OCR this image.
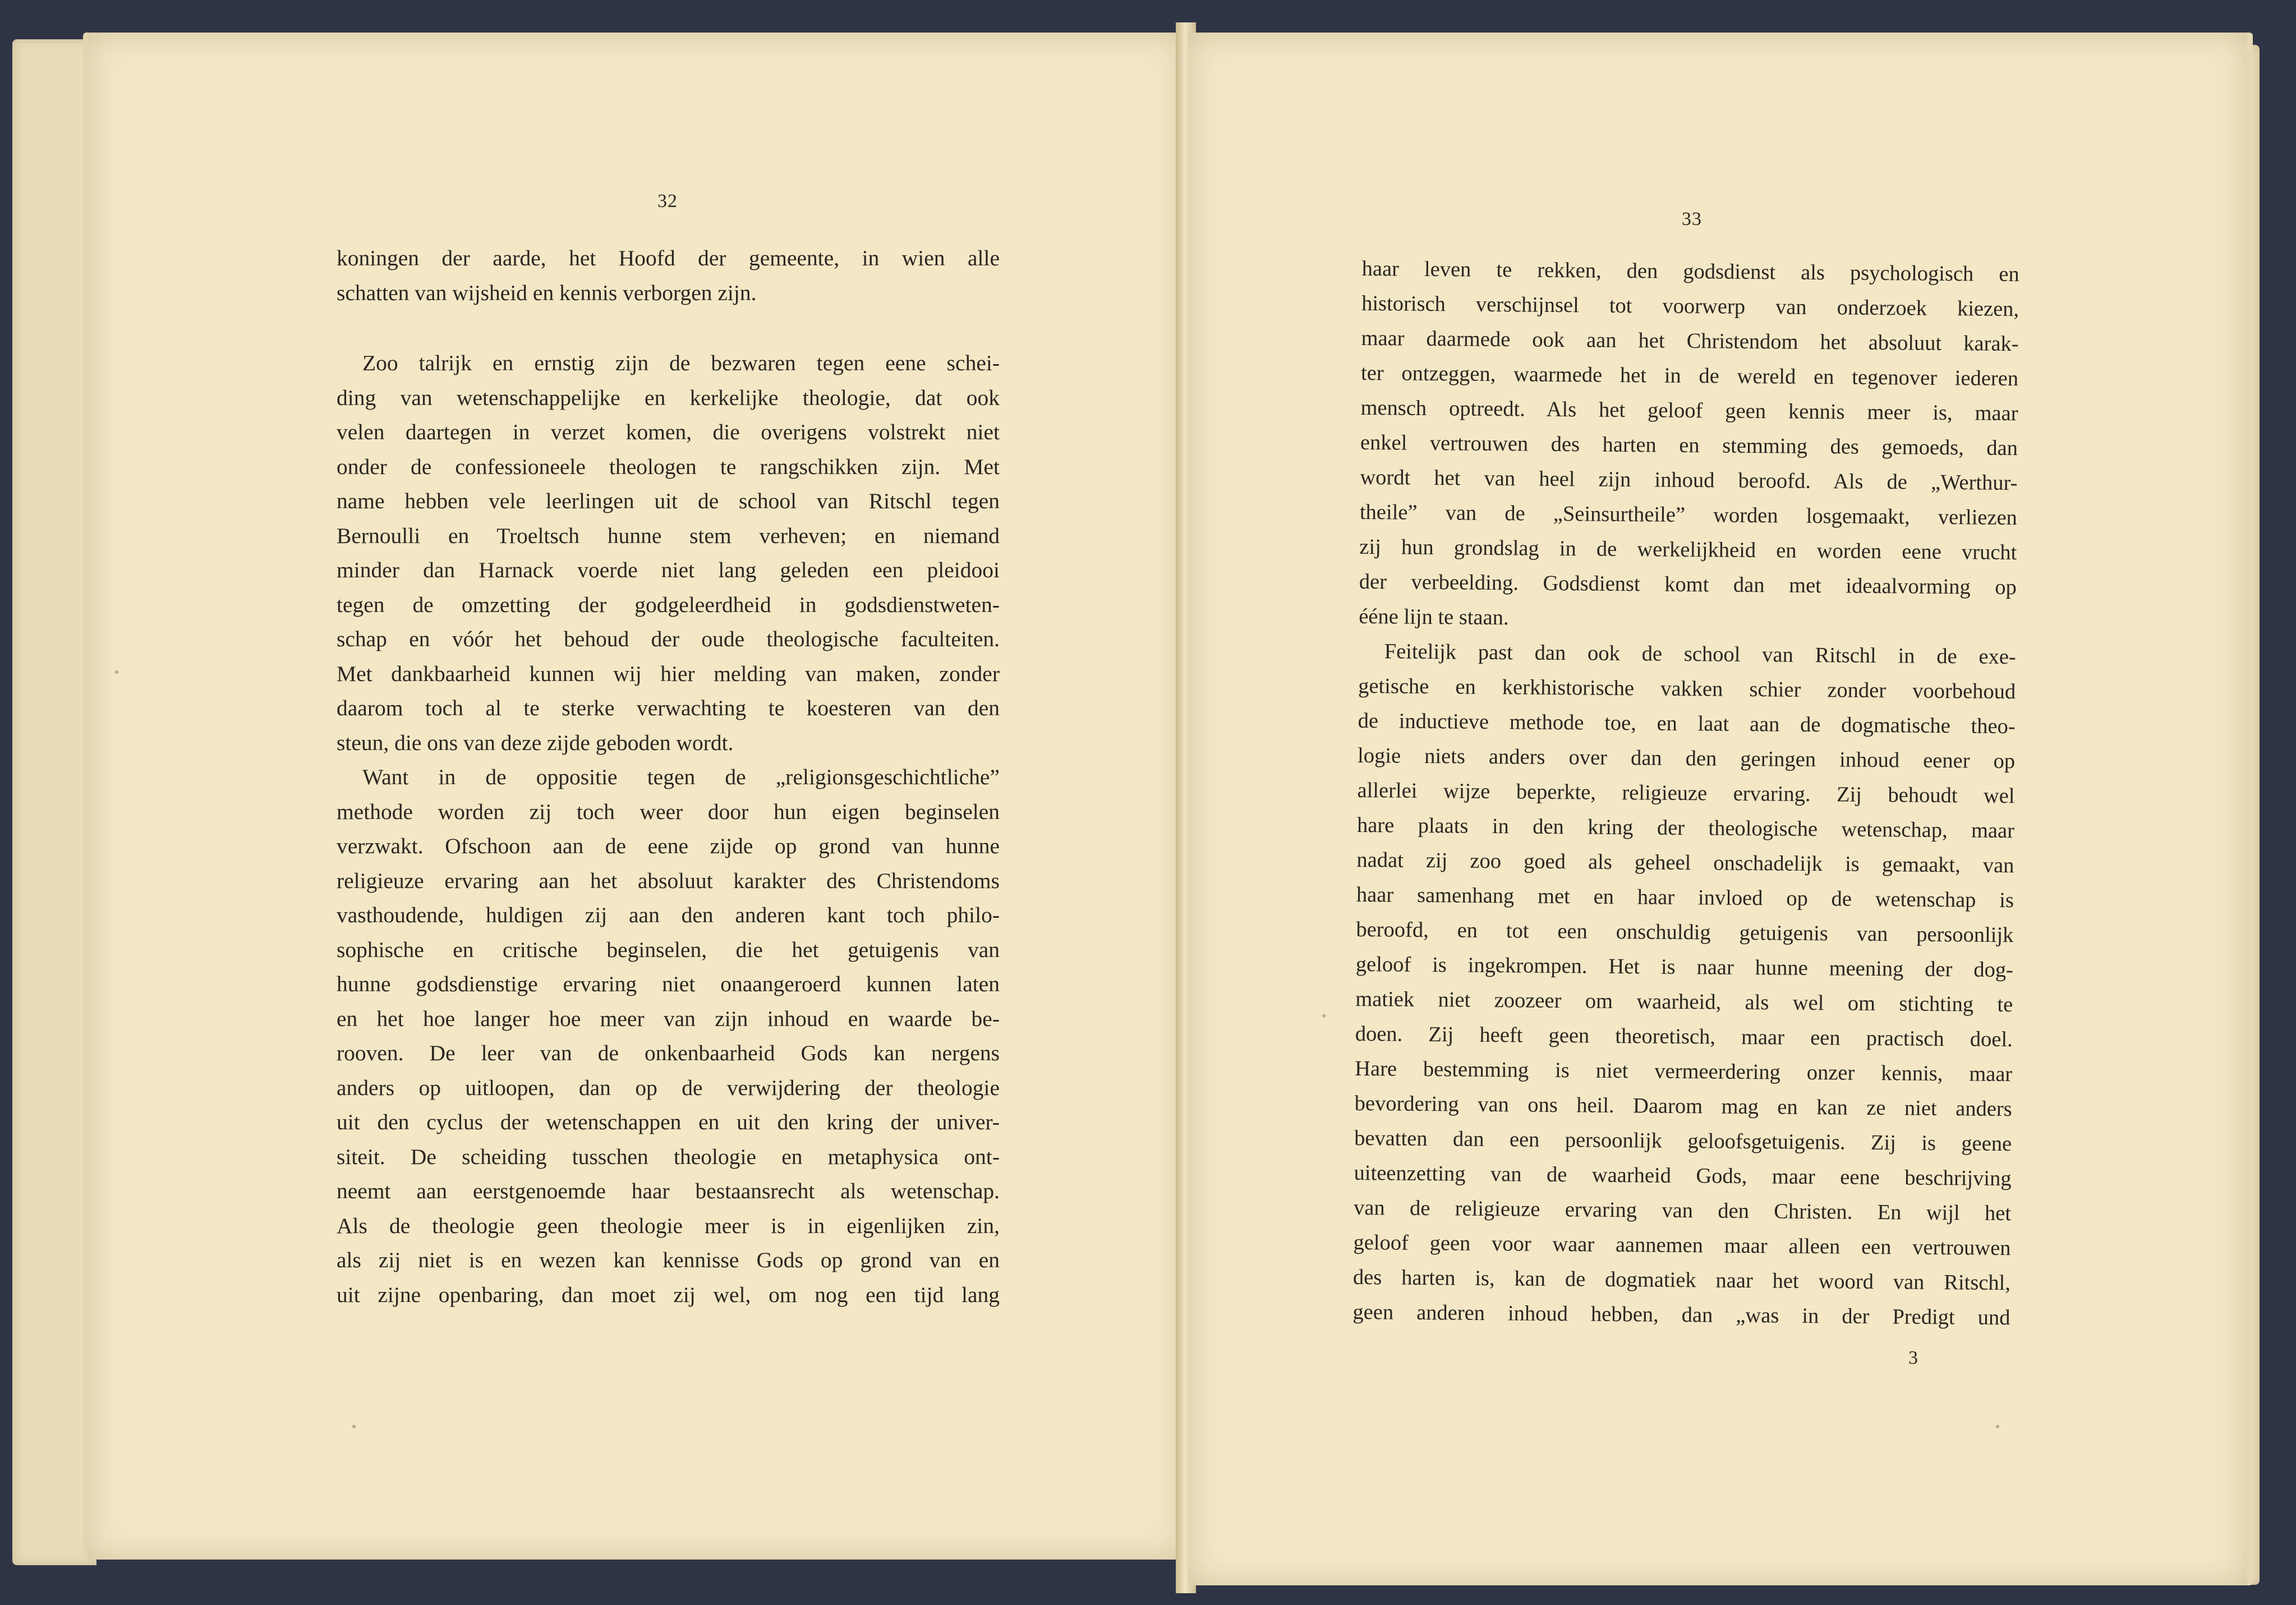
32
33
koningen der aarde, het Hoofd der gemeente, in wien alle
schatten van wijsheid en kennis verborgen zijn.
Zoo talrijk en ernstig zijn de bezwaren tegen eene schei-
ding van wetenschappelijke en kerkelijke theologie, dat ook
velen daartegen in verzet komen, die overigens volstrekt niet
onder de confessioneele theologen te rangschikken zijn. Met
name hebben vele leerlingen uit de school van Ritschl tegen
Bernoulli en Troeltsch hunne stem verheven; en niemand
minder dan Harnack voerde niet lang geleden een pleidooi
tegen de omzetting der godgeleerdheid in godsdienstweten-
schap en vóór het behoud der oude theologische faculteiten.
Met dankbaarheid kunnen wij hier melding van maken, zonder
daarom toch al te sterke verwachting te koesteren van den
steun, die ons van deze zijde geboden wordt.
Want in de oppositie tegen de „religionsgeschichtliche”
methode worden zij toch weer door hun eigen beginselen
verzwakt. Ofschoon aan de eene zijde op grond van hunne
religieuze ervaring aan het absoluut karakter des Christendoms
vasthoudende, huldigen zij aan den anderen kant toch philo-
sophische en critische beginselen, die het getuigenis van
hunne godsdienstige ervaring niet onaangeroerd kunnen laten
en het hoe langer hoe meer van zijn inhoud en waarde be-
rooven. De leer van de onkenbaarheid Gods kan nergens
anders op uitloopen, dan op de verwijdering der theologie
uit den cyclus der wetenschappen en uit den kring der univer-
siteit. De scheiding tusschen theologie en metaphysica ont-
neemt aan eerstgenoemde haar bestaansrecht als wetenschap.
Als de theologie geen theologie meer is in eigenlijken zin,
als zij niet is en wezen kan kennisse Gods op grond van en
uit zijne openbaring, dan moet zij wel, om nog een tijd lang
haar leven te rekken, den godsdienst als psychologisch en
historisch verschijnsel tot voorwerp van onderzoek kiezen,
maar daarmede ook aan het Christendom het absoluut karak-
ter ontzeggen, waarmede het in de wereld en tegenover iederen
mensch optreedt. Als het geloof geen kennis meer is, maar
enkel vertrouwen des harten en stemming des gemoeds, dan
wordt het van heel zijn inhoud beroofd. Als de „Werthur-
theile” van de „Seinsurtheile” worden losgemaakt, verliezen
zij hun grondslag in de werkelijkheid en worden eene vrucht
der verbeelding. Godsdienst komt dan met ideaalvorming op
ééne lijn te staan.
Feitelijk past dan ook de school van Ritschl in de exe-
getische en kerkhistorische vakken schier zonder voorbehoud
de inductieve methode toe, en laat aan de dogmatische theo-
logie niets anders over dan den geringen inhoud eener op
allerlei wijze beperkte, religieuze ervaring. Zij behoudt wel
hare plaats in den kring der theologische wetenschap, maar
nadat zij zoo goed als geheel onschadelijk is gemaakt, van
haar samenhang met en haar invloed op de wetenschap is
beroofd, en tot een onschuldig getuigenis van persoonlijk
geloof is ingekrompen. Het is naar hunne meening der dog-
matiek niet zoozeer om waarheid, als wel om stichting te
doen. Zij heeft geen theoretisch, maar een practisch doel.
Hare bestemming is niet vermeerdering onzer kennis, maar
bevordering van ons heil. Daarom mag en kan ze niet anders
bevatten dan een persoonlijk geloofsgetuigenis. Zij is geene
uiteenzetting van de waarheid Gods, maar eene beschrijving
van de religieuze ervaring van den Christen. En wijl het
geloof geen voor waar aannemen maar alleen een vertrouwen
des harten is, kan de dogmatiek naar het woord van Ritschl,
geen anderen inhoud hebben, dan „was in der Predigt und
3
